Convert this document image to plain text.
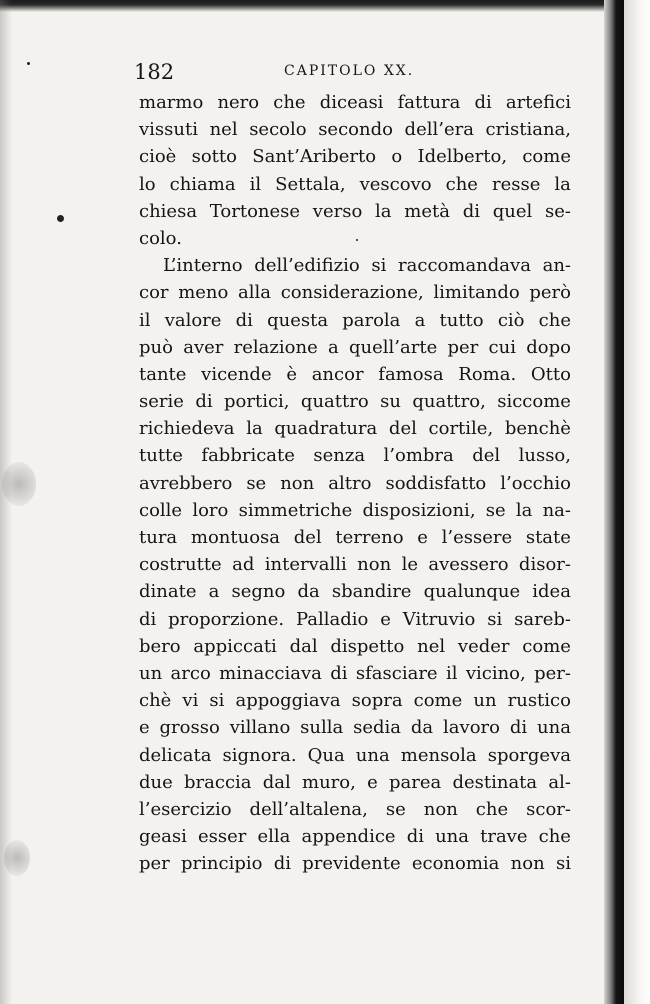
182	CAPITOLO XX.
marmo nero che diceasi fattura di artefici
vissuti nel secolo secondo dell’era cristiana,
cioè sotto Sant’Ariberto o Idelberto, come
lo chiama il Settala, vescovo che resse la
chiesa Tortonese verso la metà di quel se-
colo.
L’interno dell’edifizio si raccomandava an-
cor meno alla considerazione, limitando però
il valore di questa parola a tutto ciò che
può aver relazione a quell’arte per cui dopo
tante vicende è ancor famosa Roma. Otto
serie di portici, quattro su quattro, siccome
richiedeva la quadratura del cortile, benchè
tutte fabbricate senza l’ombra del lusso,
avrebbero se non altro soddisfatto l’occhio
colle loro simmetriche disposizioni, se la na-
tura montuosa del terreno e l’essere state
costrutte ad intervalli non le avessero disor-
dinate a segno da sbandire qualunque idea
di proporzione. Palladio e Vitruvio si sareb-
bero appiccati dal dispetto nel veder come
un arco minacciava di sfasciare il vicino, per-
chè vi si appoggiava sopra come un rustico
e grosso villano sulla sedia da lavoro di una
delicata signora. Qua una mensola sporgeva
due braccia dal muro, e parea destinata al-
l’esercizio dell’altalena, se non che scor-
geasi esser ella appendice di una trave che
per principio di previdente economia non si
